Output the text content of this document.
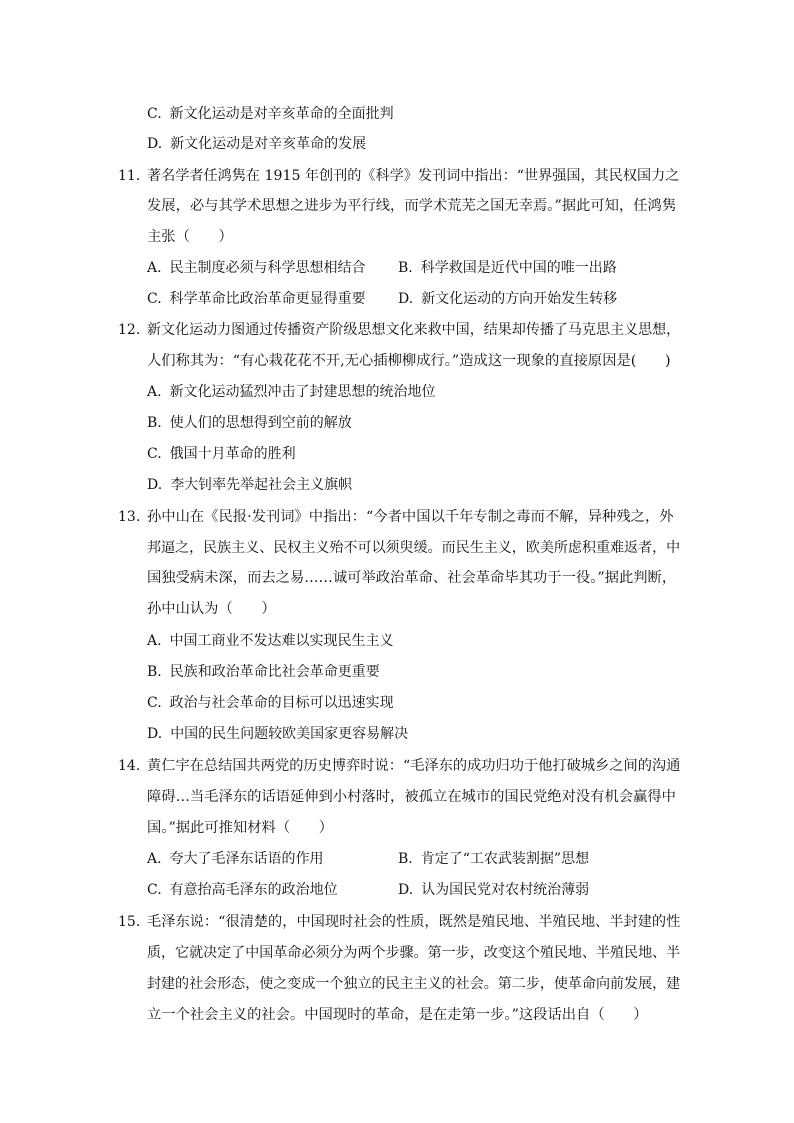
C. 新文化运动是对辛亥革命的全面批判
D. 新文化运动是对辛亥革命的发展
11. 著名学者任鸿隽在 1915 年创刊的《科学》发刊词中指出：“世界强国，其民权国力之
发展，必与其学术思想之进步为平行线，而学术荒芜之国无幸焉。”据此可知，任鸿隽
主张（　　）
A. 民主制度必须与科学思想相结合 B. 科学救国是近代中国的唯一出路
C. 科学革命比政治革命更显得重要 D. 新文化运动的方向开始发生转移
12. 新文化运动力图通过传播资产阶级思想文化来救中国，结果却传播了马克思主义思想，
人们称其为：“有心栽花花不开,无心插柳柳成行。”造成这一现象的直接原因是(　　)
A. 新文化运动猛烈冲击了封建思想的统治地位
B. 使人们的思想得到空前的解放
C. 俄国十月革命的胜利
D. 李大钊率先举起社会主义旗帜
13. 孙中山在《民报·发刊词》中指出：“今者中国以千年专制之毒而不解，异种残之，外
邦逼之，民族主义、民权主义殆不可以须臾缓。而民生主义，欧美所虑积重难返者，中
国独受病未深，而去之易……诚可举政治革命、社会革命毕其功于一役。”据此判断，
孙中山认为（　　）
A. 中国工商业不发达难以实现民生主义
B. 民族和政治革命比社会革命更重要
C. 政治与社会革命的目标可以迅速实现
D. 中国的民生问题较欧美国家更容易解决
14. 黄仁宇在总结国共两党的历史博弈时说：“毛泽东的成功归功于他打破城乡之间的沟通
障碍…当毛泽东的话语延伸到小村落时，被孤立在城市的国民党绝对没有机会赢得中
国。”据此可推知材料（　　）
A. 夸大了毛泽东话语的作用	B. 肯定了“工农武装割据”思想
C. 有意抬高毛泽东的政治地位	D. 认为国民党对农村统治薄弱
15. 毛泽东说：“很清楚的，中国现时社会的性质，既然是殖民地、半殖民地、半封建的性
质，它就决定了中国革命必须分为两个步骤。第一步，改变这个殖民地、半殖民地、半
封建的社会形态，使之变成一个独立的民主主义的社会。第二步，使革命向前发展，建
立一个社会主义的社会。中国现时的革命，是在走第一步。”这段话出自（　　）
